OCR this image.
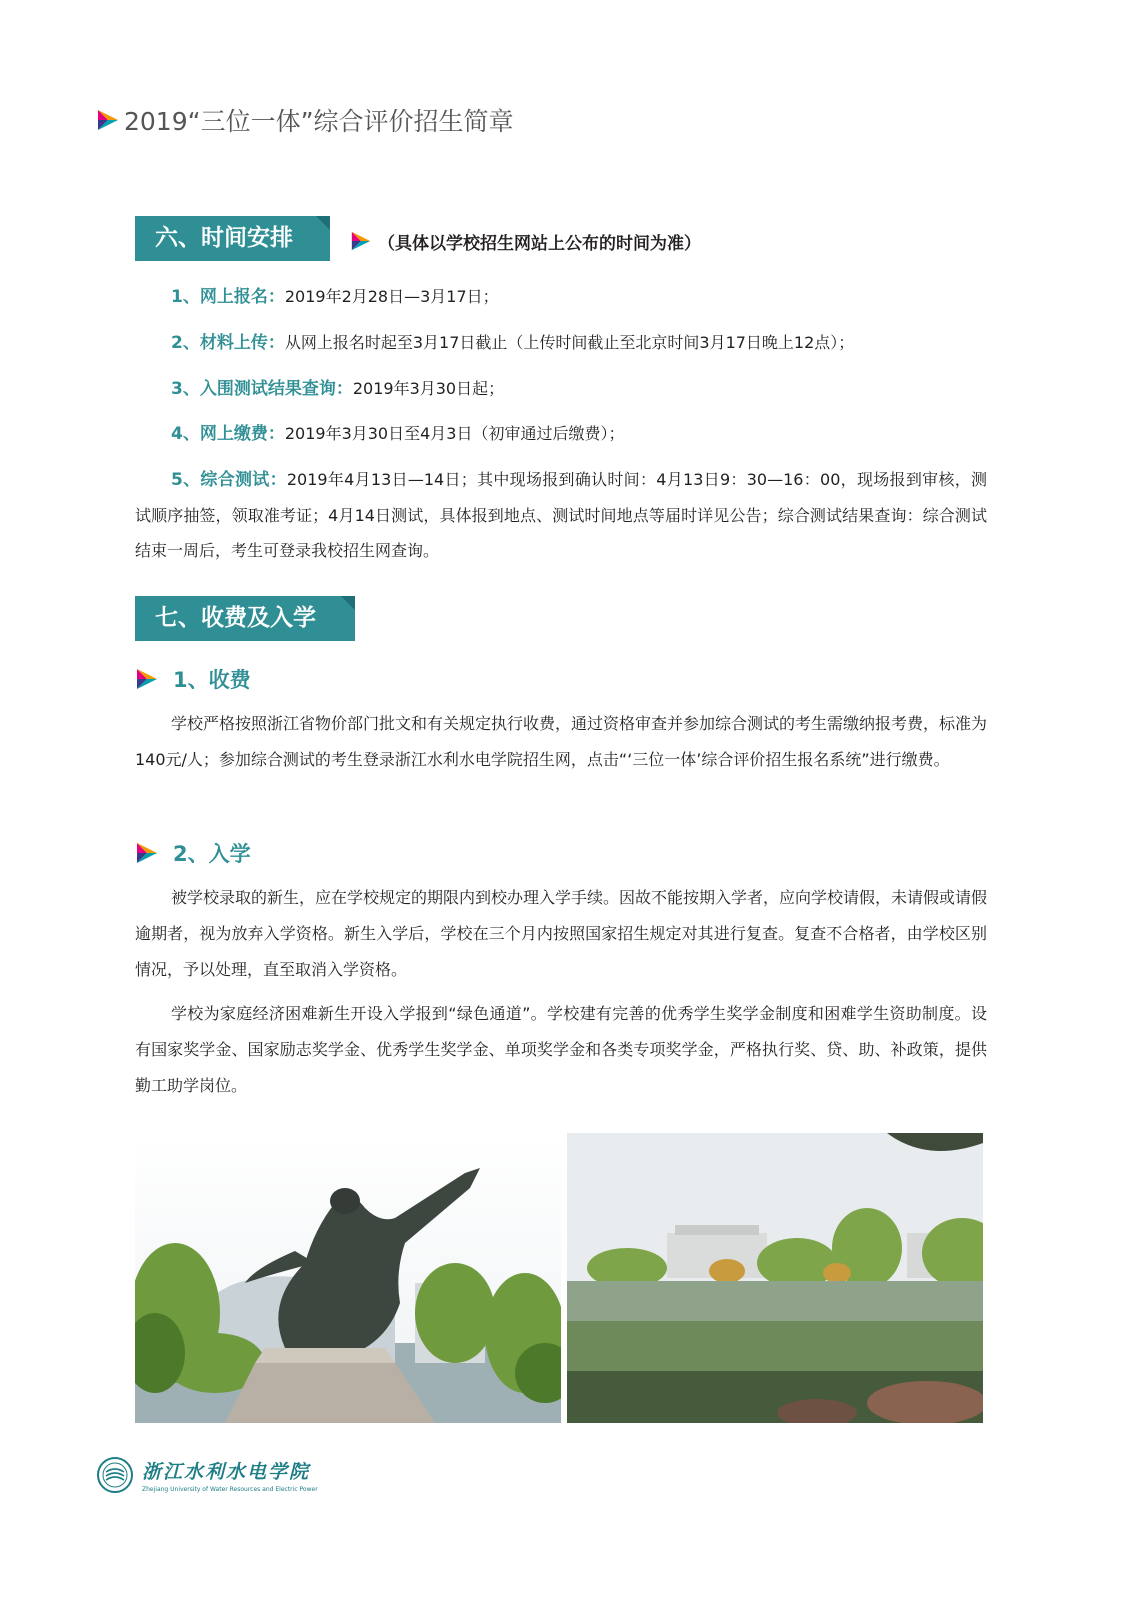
2019“三位一体”综合评价招生简章
六、时间安排	（具体以学校招生网站上公布的时间为准）
1、网上报名：2019年2月28日—3月17日；
2、材料上传：从网上报名时起至3月17日截止（上传时间截止至北京时间3月17日晚上12点）；
3、入围测试结果查询：2019年3月30日起；
4、网上缴费：2019年3月30日至4月3日（初审通过后缴费）；
5、综合测试：2019年4月13日—14日；其中现场报到确认时间：4月13日9：30—16：00，现场报到审核，测试顺序抽签，领取准考证；4月14日测试，具体报到地点、测试时间地点等届时详见公告；综合测试结果查询：综合测试结束一周后，考生可登录我校招生网查询。
七、收费及入学
1、收费
学校严格按照浙江省物价部门批文和有关规定执行收费，通过资格审查并参加综合测试的考生需缴纳报考费，标准为140元/人；参加综合测试的考生登录浙江水利水电学院招生网，点击“‘三位一体’综合评价招生报名系统”进行缴费。
2、入学
被学校录取的新生，应在学校规定的期限内到校办理入学手续。因故不能按期入学者，应向学校请假，未请假或请假逾期者，视为放弃入学资格。新生入学后，学校在三个月内按照国家招生规定对其进行复查。复查不合格者，由学校区别情况，予以处理，直至取消入学资格。
学校为家庭经济困难新生开设入学报到“绿色通道”。学校建有完善的优秀学生奖学金制度和困难学生资助制度。设有国家奖学金、国家励志奖学金、优秀学生奖学金、单项奖学金和各类专项奖学金，严格执行奖、贷、助、补政策，提供勤工助学岗位。
浙江水利水电学院
Zhejiang University of Water Resources and Electric Power
